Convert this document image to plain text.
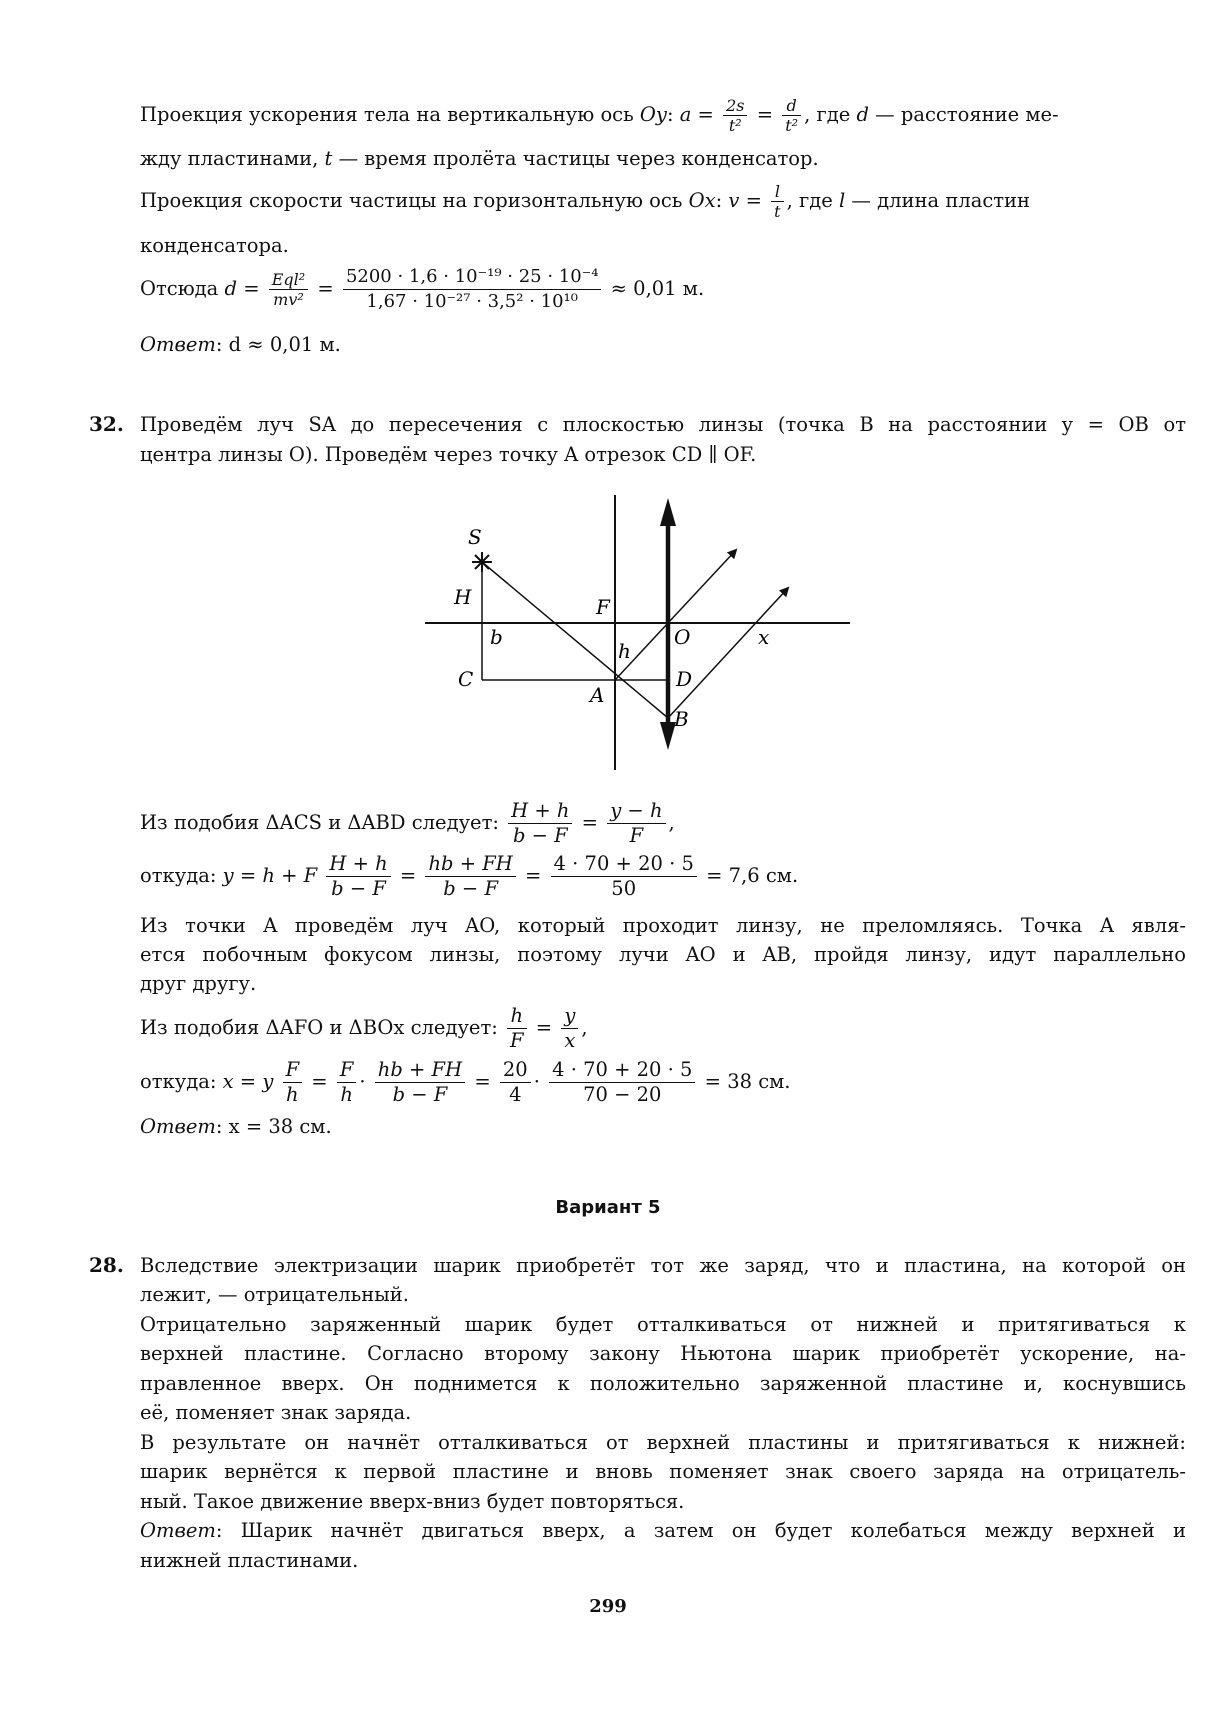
Проекция ускорения тела на вертикальную ось Oy: $a = \frac{2s}{\text{t²}} = \frac{d}{\text{t²}}$ , где d — расстояние ме-
жду пластинами, t — время пролёта частицы через конденсатор.
Проекция скорости частицы на горизонтальную ось Ox: $v = \frac{l}{t}$ , где l — длина пластин
конденсатора.
Отсюда $d = \frac{\text{Eql²}}{\text{mv²}} = \frac{\text{5200 · 1,6 · 10⁻¹⁹ · 25 · 10⁻⁴}}{\text{1,67 · 10⁻²⁷ · 3,5² · 10¹⁰}} \approx 0,01$ м.
Ответ: d ≈ 0,01 м.
32. Проведём луч SA до пересечения с плоскостью линзы (точка B на расстоянии y = OB от
центра линзы O). Проведём через точку A отрезок CD ∥ OF.
S
H	F
b	O	x
h
C	D
A
B
Из подобия ΔACS и ΔABD следует: $\frac{H + h}{b - F} = \frac{y - h}{F}$ ,
откуда: y = h + F $\frac{H + h}{b - F} = \frac{hb + FH}{b - F} = \frac{4 \cdot 70 + 20 \cdot 5}{50} = 7,6$ см.
Из точки A проведём луч AO, который проходит линзу, не преломляясь. Точка A явля-
ется побочным фокусом линзы, поэтому лучи AO и AB, пройдя линзу, идут параллельно
друг другу.
Из подобия ΔAFO и ΔBOx следует: $\frac{h}{F} = \frac{y}{x}$ ,
откуда: x = y $\frac{F}{h} = \frac{F}{h} \cdot \frac{hb + FH}{b - F} = \frac{20}{4} \cdot \frac{4 \cdot 70 + 20 \cdot 5}{70 - 20} = 38$ см.
Ответ: x = 38 см.
Вариант 5
28. Вследствие электризации шарик приобретёт тот же заряд, что и пластина, на которой он
лежит, — отрицательный.
Отрицательно заряженный шарик будет отталкиваться от нижней и притягиваться к
верхней пластине. Согласно второму закону Ньютона шарик приобретёт ускорение, на-
правленное вверх. Он поднимется к положительно заряженной пластине и, коснувшись
её, поменяет знак заряда.
В результате он начнёт отталкиваться от верхней пластины и притягиваться к нижней:
шарик вернётся к первой пластине и вновь поменяет знак своего заряда на отрицатель-
ный. Такое движение вверх-вниз будет повторяться.
Ответ: Шарик начнёт двигаться вверх, а затем он будет колебаться между верхней и
нижней пластинами.
299
